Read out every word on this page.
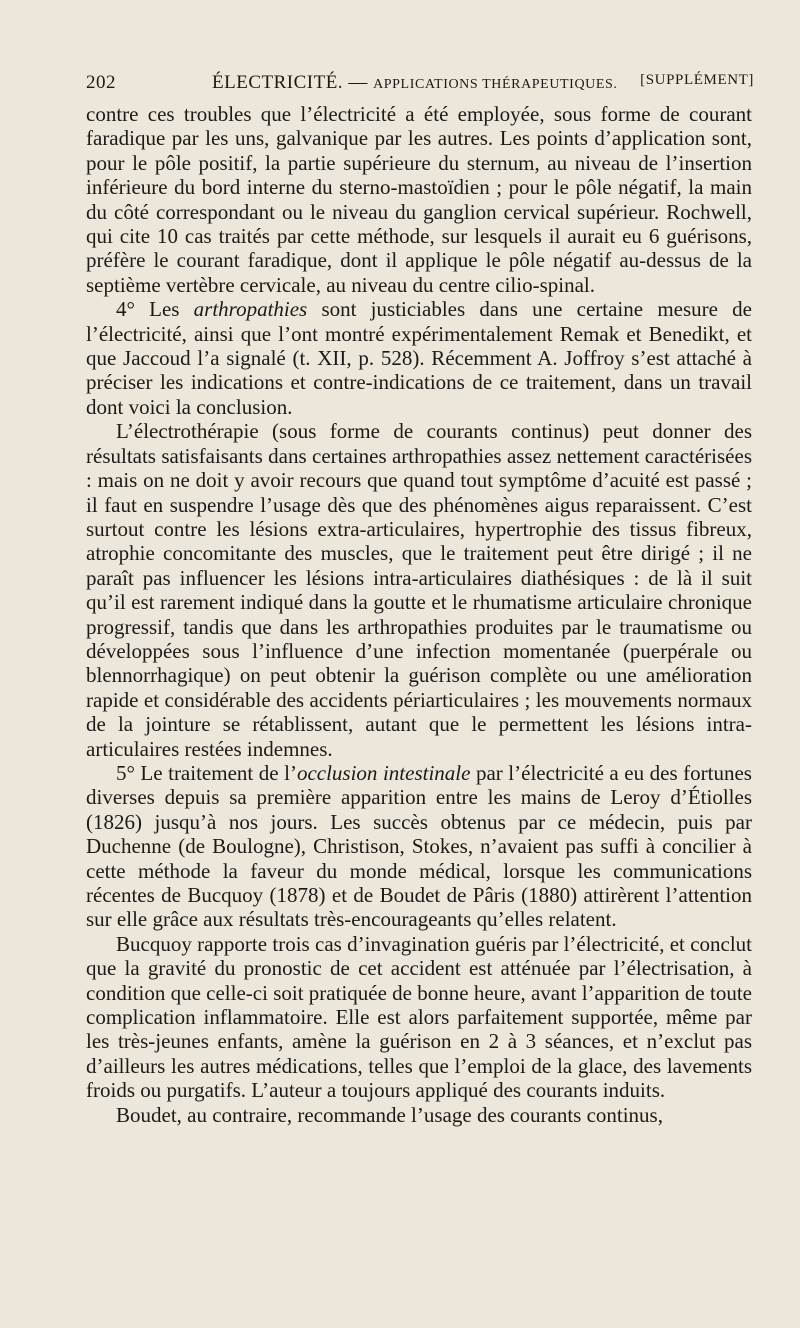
202	ÉLECTRICITÉ. — APPLICATIONS THÉRAPEUTIQUES. [SUPPLÉMENT]

contre ces troubles que l’électricité a été employée, sous forme de courant faradique par les uns, galvanique par les autres. Les points d’application sont, pour le pôle positif, la partie supérieure du sternum, au niveau de l’insertion inférieure du bord interne du sterno-mastoïdien ; pour le pôle négatif, la main du côté correspondant ou le niveau du ganglion cervical supérieur. Rochwell, qui cite 10 cas traités par cette méthode, sur lesquels il aurait eu 6 guérisons, préfère le courant faradique, dont il applique le pôle négatif au-dessus de la septième vertèbre cervicale, au niveau du centre cilio-spinal.

4° Les arthropathies sont justiciables dans une certaine mesure de l’électricité, ainsi que l’ont montré expérimentalement Remak et Benedikt, et que Jaccoud l’a signalé (t. XII, p. 528). Récemment A. Joffroy s’est attaché à préciser les indications et contre-indications de ce traitement, dans un travail dont voici la conclusion.

L’électrothérapie (sous forme de courants continus) peut donner des résultats satisfaisants dans certaines arthropathies assez nettement caractérisées : mais on ne doit y avoir recours que quand tout symptôme d’acuité est passé ; il faut en suspendre l’usage dès que des phénomènes aigus reparaissent. C’est surtout contre les lésions extra-articulaires, hypertrophie des tissus fibreux, atrophie concomitante des muscles, que le traitement peut être dirigé ; il ne paraît pas influencer les lésions intra-articulaires diathésiques : de là il suit qu’il est rarement indiqué dans la goutte et le rhumatisme articulaire chronique progressif, tandis que dans les arthropathies produites par le traumatisme ou développées sous l’influence d’une infection momentanée (puerpérale ou blennorrhagique) on peut obtenir la guérison complète ou une amélioration rapide et considérable des accidents périarticulaires ; les mouvements normaux de la jointure se rétablissent, autant que le permettent les lésions intra-articulaires restées indemnes.

5° Le traitement de l’occlusion intestinale par l’électricité a eu des fortunes diverses depuis sa première apparition entre les mains de Leroy d’Étiolles (1826) jusqu’à nos jours. Les succès obtenus par ce médecin, puis par Duchenne (de Boulogne), Christison, Stokes, n’avaient pas suffi à concilier à cette méthode la faveur du monde médical, lorsque les communications récentes de Bucquoy (1878) et de Boudet de Pâris (1880) attirèrent l’attention sur elle grâce aux résultats très-encourageants qu’elles relatent.

Bucquoy rapporte trois cas d’invagination guéris par l’électricité, et conclut que la gravité du pronostic de cet accident est atténuée par l’électrisation, à condition que celle-ci soit pratiquée de bonne heure, avant l’apparition de toute complication inflammatoire. Elle est alors parfaitement supportée, même par les très-jeunes enfants, amène la guérison en 2 à 3 séances, et n’exclut pas d’ailleurs les autres médications, telles que l’emploi de la glace, des lavements froids ou purgatifs. L’auteur a toujours appliqué des courants induits.

Boudet, au contraire, recommande l’usage des courants continus,
